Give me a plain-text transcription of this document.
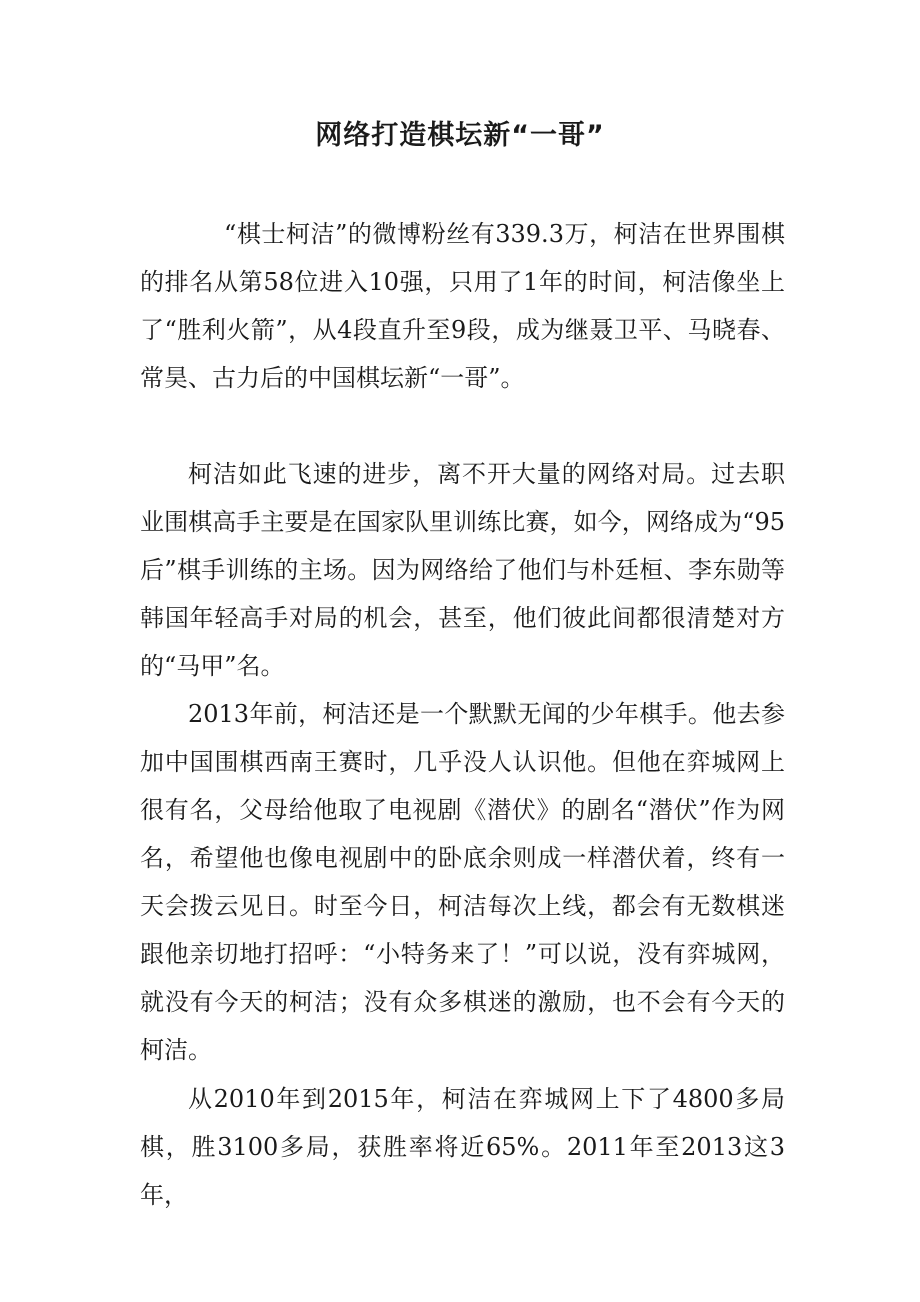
网络打造棋坛新“一哥”

“棋士柯洁”的微博粉丝有339.3万，柯洁在世界围棋的排名从第58位进入10强，只用了1年的时间，柯洁像坐上了“胜利火箭”，从4段直升至9段，成为继聂卫平、马晓春、常昊、古力后的中国棋坛新“一哥”。

柯洁如此飞速的进步，离不开大量的网络对局。过去职业围棋高手主要是在国家队里训练比赛，如今，网络成为“95后”棋手训练的主场。因为网络给了他们与朴廷桓、李东勋等韩国年轻高手对局的机会，甚至，他们彼此间都很清楚对方的“马甲”名。

2013年前，柯洁还是一个默默无闻的少年棋手。他去参加中国围棋西南王赛时，几乎没人认识他。但他在弈城网上很有名，父母给他取了电视剧《潜伏》的剧名“潜伏”作为网名，希望他也像电视剧中的卧底余则成一样潜伏着，终有一天会拨云见日。时至今日，柯洁每次上线，都会有无数棋迷跟他亲切地打招呼：“小特务来了！”可以说，没有弈城网，就没有今天的柯洁；没有众多棋迷的激励，也不会有今天的柯洁。

从2010年到2015年，柯洁在弈城网上下了4800多局棋，胜3100多局，获胜率将近65%。2011年至2013这3年，
